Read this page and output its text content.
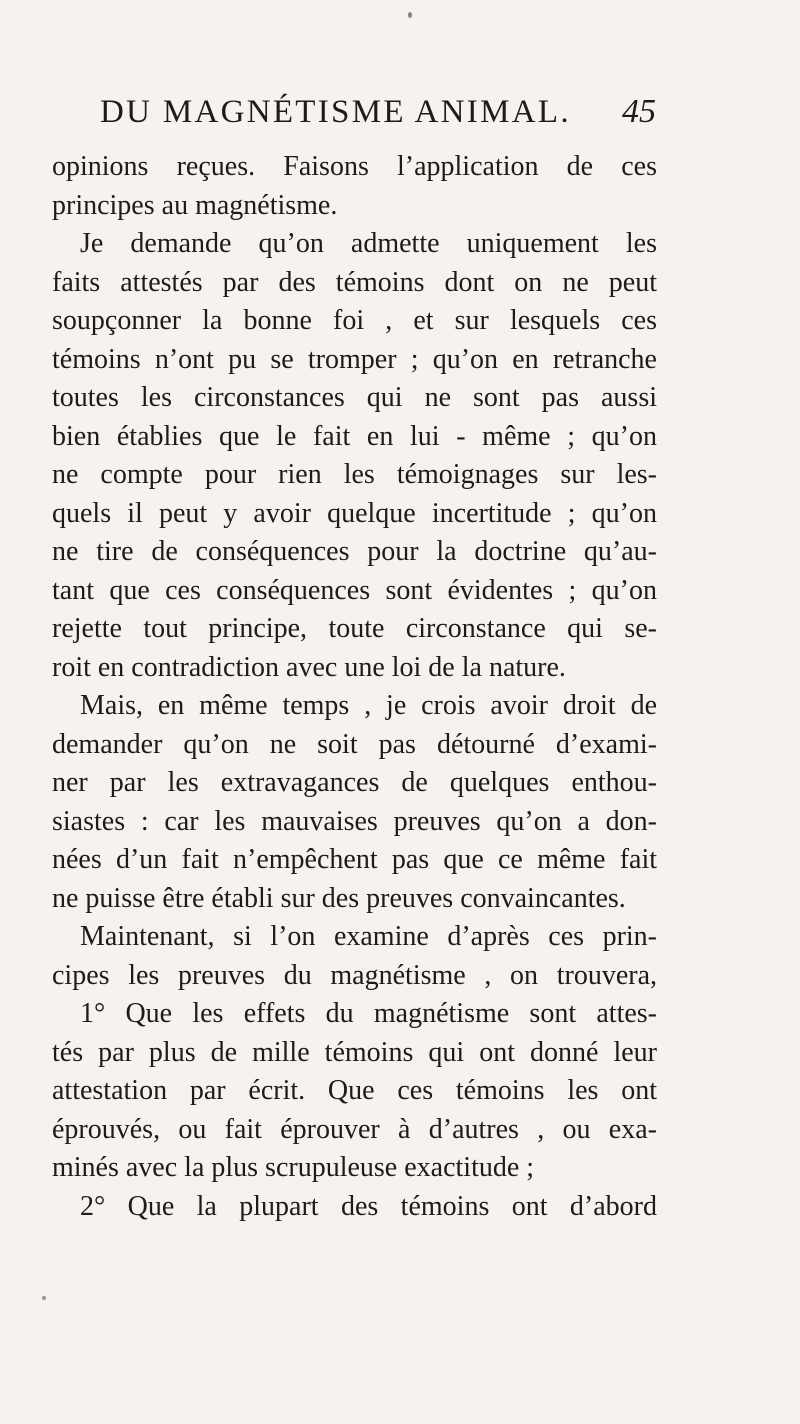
DU MAGNÉTISME ANIMAL. 45
opinions reçues. Faisons l’application de ces
principes au magnétisme.
Je demande qu’on admette uniquement les
faits attestés par des témoins dont on ne peut
soupçonner la bonne foi , et sur lesquels ces
témoins n’ont pu se tromper ; qu’on en retranche
toutes les circonstances qui ne sont pas aussi
bien établies que le fait en lui - même ; qu’on
ne compte pour rien les témoignages sur les-
quels il peut y avoir quelque incertitude ; qu’on
ne tire de conséquences pour la doctrine qu’au-
tant que ces conséquences sont évidentes ; qu’on
rejette tout principe, toute circonstance qui se-
roit en contradiction avec une loi de la nature.
Mais, en même temps , je crois avoir droit de
demander qu’on ne soit pas détourné d’exami-
ner par les extravagances de quelques enthou-
siastes : car les mauvaises preuves qu’on a don-
nées d’un fait n’empêchent pas que ce même fait
ne puisse être établi sur des preuves convaincantes.
Maintenant, si l’on examine d’après ces prin-
cipes les preuves du magnétisme , on trouvera,
1° Que les effets du magnétisme sont attes-
tés par plus de mille témoins qui ont donné leur
attestation par écrit. Que ces témoins les ont
éprouvés, ou fait éprouver à d’autres , ou exa-
minés avec la plus scrupuleuse exactitude ;
2° Que la plupart des témoins ont d’abord
